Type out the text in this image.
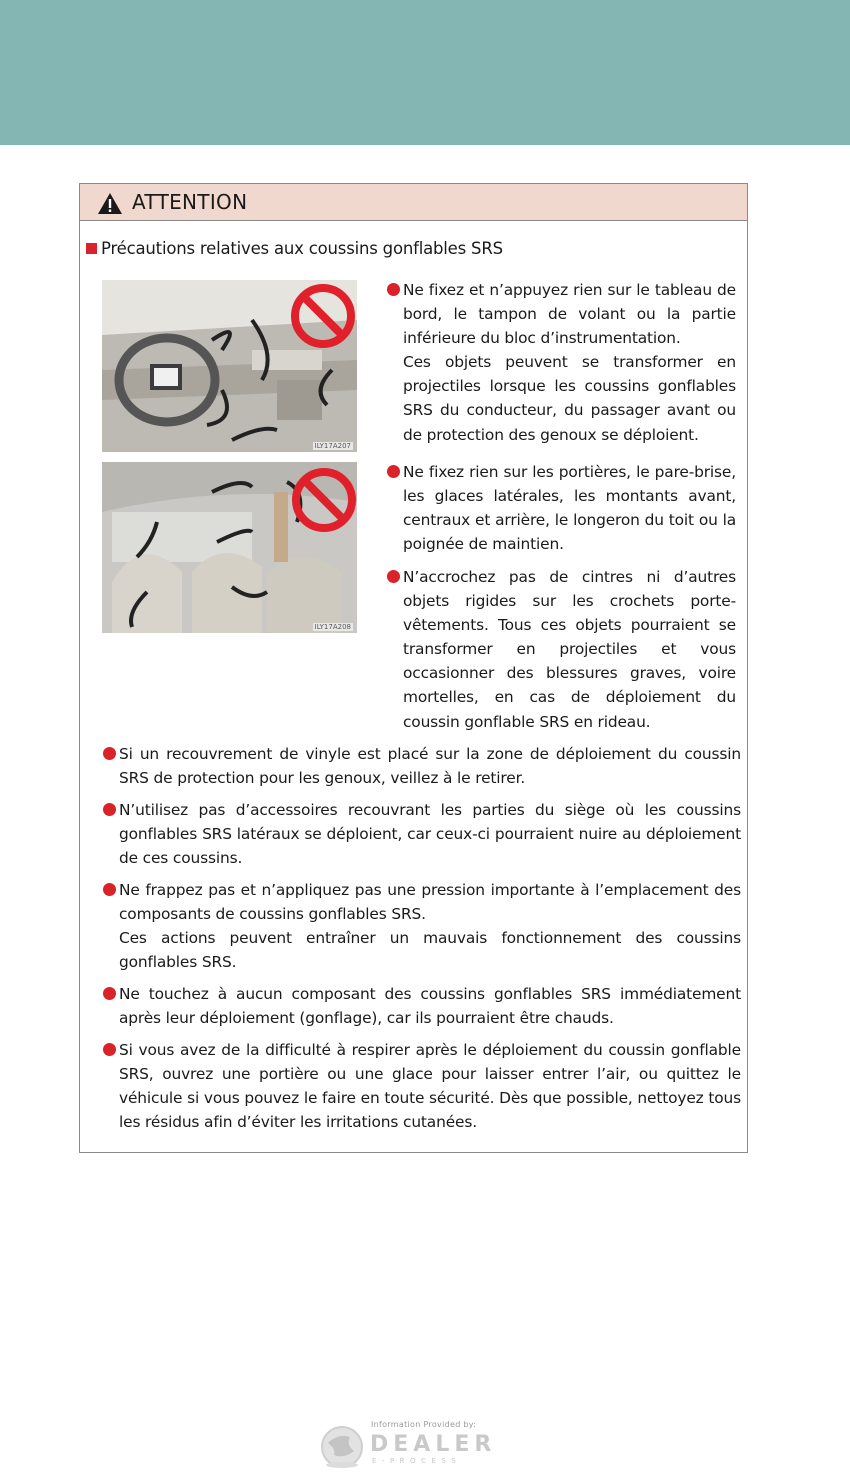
ATTENTION
Précautions relatives aux coussins gonflables SRS
ILY17A207
ILY17A208

Ne fixez et n’appuyez rien sur le tableau de bord, le tampon de volant ou la partie inférieure du bloc d’instrumentation.

Ces objets peuvent se transformer en projectiles lorsque les coussins gonflables SRS du conducteur, du passager avant ou de protection des genoux se déploient.

Ne fixez rien sur les portières, le pare-brise, les glaces latérales, les montants avant, centraux et arrière, le longeron du toit ou la poignée de maintien.

N’accrochez pas de cintres ni d’autres objets rigides sur les crochets porte-vêtements. Tous ces objets pourraient se transformer en projectiles et vous occasionner des blessures graves, voire mortelles, en cas de déploiement du coussin gonflable SRS en rideau.

Si un recouvrement de vinyle est placé sur la zone de déploiement du coussin SRS de protection pour les genoux, veillez à le retirer.

N’utilisez pas d’accessoires recouvrant les parties du siège où les coussins gonflables SRS latéraux se déploient, car ceux-ci pourraient nuire au déploiement de ces coussins.

Ne frappez pas et n’appliquez pas une pression importante à l’emplacement des composants de coussins gonflables SRS.

Ces actions peuvent entraîner un mauvais fonctionnement des coussins gonflables SRS.

Ne touchez à aucun composant des coussins gonflables SRS immédiatement après leur déploiement (gonflage), car ils pourraient être chauds.

Si vous avez de la difficulté à respirer après le déploiement du coussin gonflable SRS, ouvrez une portière ou une glace pour laisser entrer l’air, ou quittez le véhicule si vous pouvez le faire en toute sécurité. Dès que possible, nettoyez tous les résidus afin d’éviter les irritations cutanées.

Information Provided by:
DEALER
E-PROCESS
